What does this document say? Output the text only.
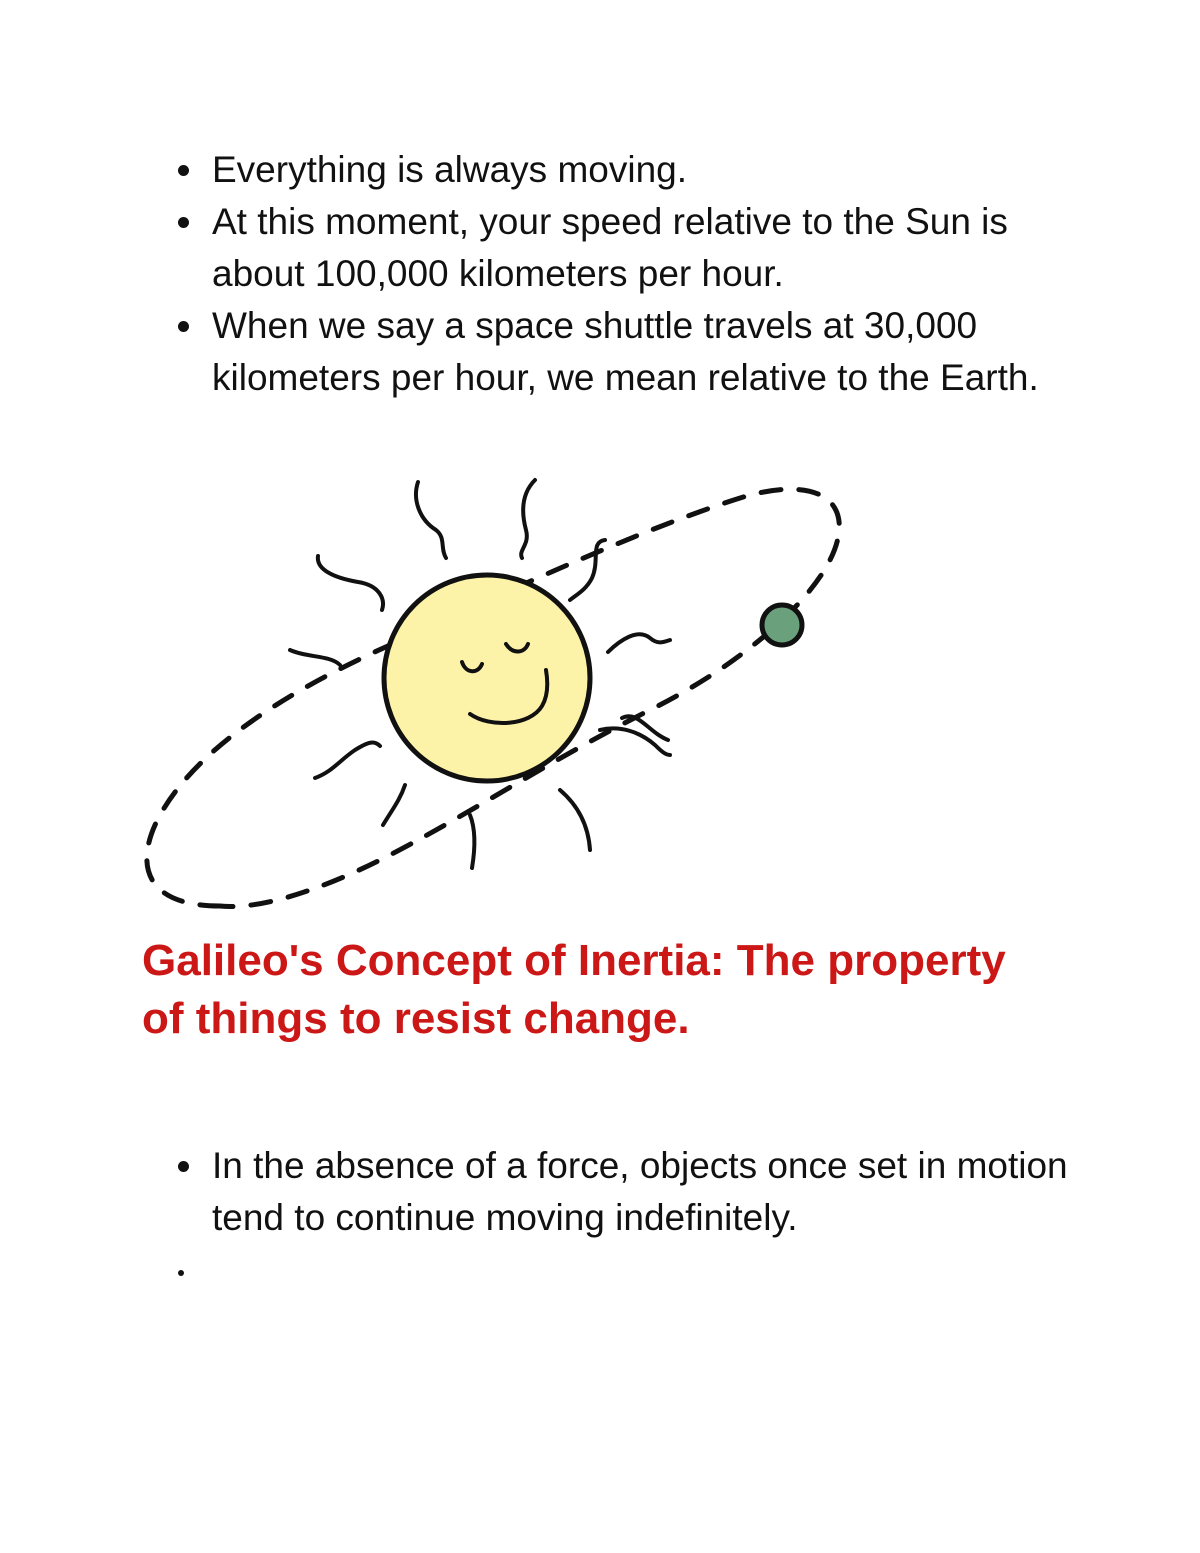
Everything is always moving.
At this moment, your speed relative to the Sun is about 100,000 kilometers per hour.
When we say a space shuttle travels at 30,000 kilometers per hour, we mean relative to the Earth.
Galileo's Concept of Inertia: The property of things to resist change.
In the absence of a force, objects once set in motion tend to continue moving indefinitely.
